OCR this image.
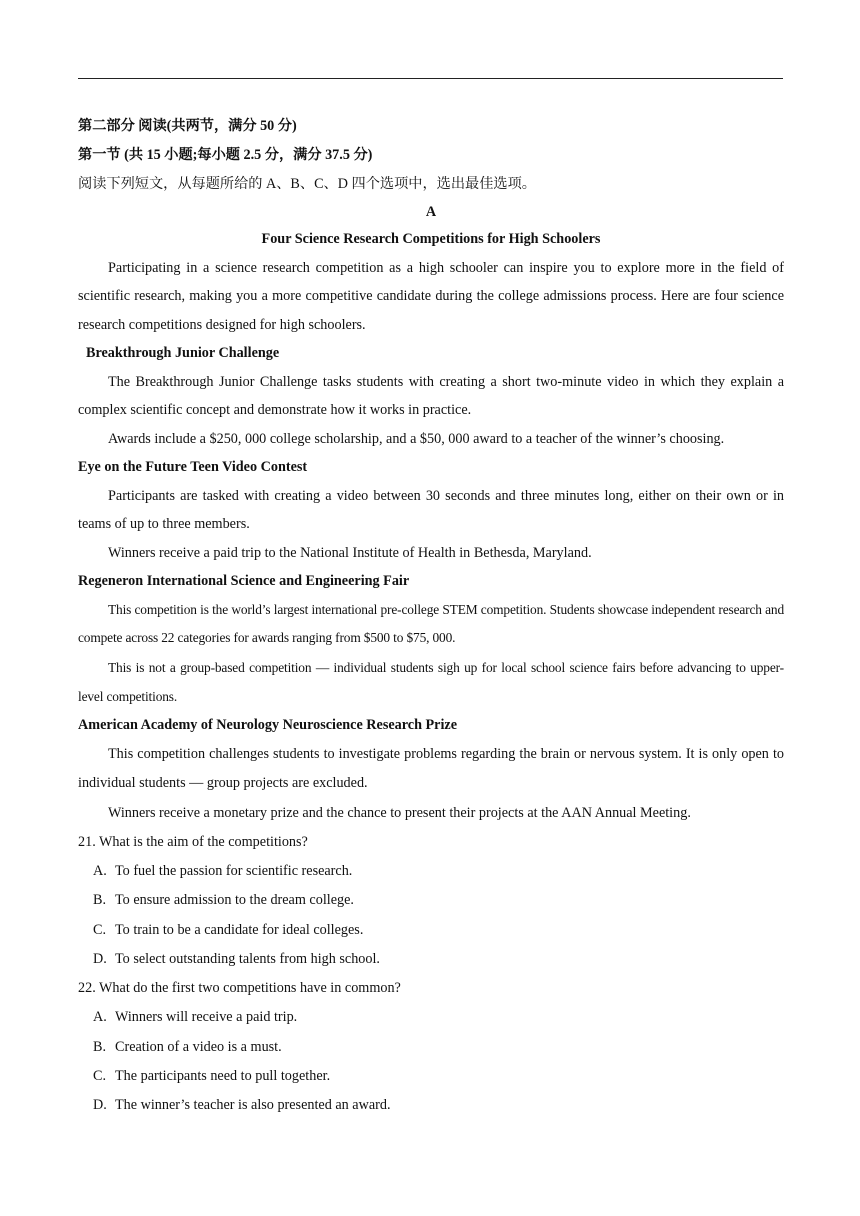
第二部分 阅读(共两节，满分 50 分)
第一节 (共 15 小题;每小题 2.5 分，满分 37.5 分)
阅读下列短文，从每题所给的 A、B、C、D 四个选项中，选出最佳选项。
A
Four Science Research Competitions for High Schoolers

Participating in a science research competition as a high schooler can inspire you to explore more in the field of scientific research, making you a more competitive candidate during the college admissions process. Here are four science research competitions designed for high schoolers.

Breakthrough Junior Challenge

The Breakthrough Junior Challenge tasks students with creating a short two-minute video in which they explain a complex scientific concept and demonstrate how it works in practice.

Awards include a $250, 000 college scholarship, and a $50, 000 award to a teacher of the winner’s choosing.

Eye on the Future Teen Video Contest

Participants are tasked with creating a video between 30 seconds and three minutes long, either on their own or in teams of up to three members.

Winners receive a paid trip to the National Institute of Health in Bethesda, Maryland.

Regeneron International Science and Engineering Fair

This competition is the world’s largest international pre-college STEM competition. Students showcase independent research and compete across 22 categories for awards ranging from $500 to $75, 000.

This is not a group-based competition — individual students sigh up for local school science fairs before advancing to upper-level competitions.

American Academy of Neurology Neuroscience Research Prize

This competition challenges students to investigate problems regarding the brain or nervous system. It is only open to individual students — group projects are excluded.

Winners receive a monetary prize and the chance to present their projects at the AAN Annual Meeting.

21. What is the aim of the competitions?
A. To fuel the passion for scientific research.
B. To ensure admission to the dream college.
C. To train to be a candidate for ideal colleges.
D. To select outstanding talents from high school.
22. What do the first two competitions have in common?
A. Winners will receive a paid trip.
B. Creation of a video is a must.
C. The participants need to pull together.
D. The winner’s teacher is also presented an award.
